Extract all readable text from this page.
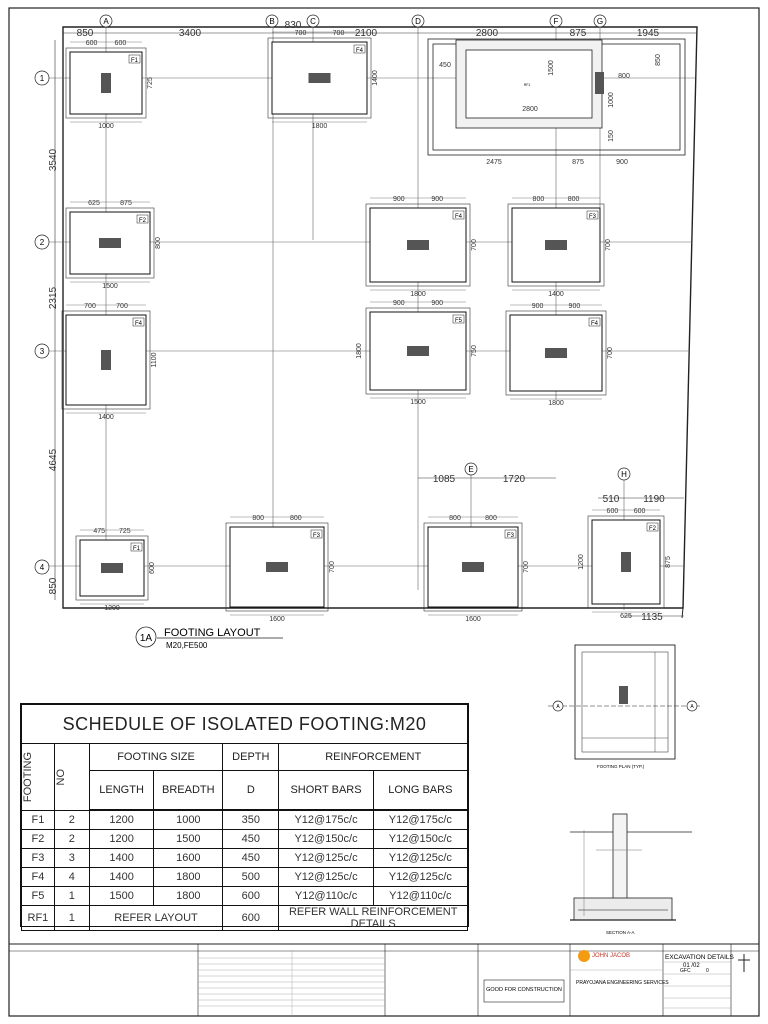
A	B	C	D
E
F	G
H
1
2
3
4
850	3400
830
2100	2800	875	1945
3540
2315
4645
850
1085	1720
510 1190
1135
RF1
450
800
2800
2475	875	900
1500
1000
150
850
F1
600 600
725
1000
F4
700	700
1400
1800
F2
625	875
800
1500
F4
900	900
700
1800
F3
800	800
700
1400
F4
700	700
1100
1400
F5
900	900
750
1500
1800
F4
900	900
700
1800
F1
475 725
600
1200
F3
800	800
700
1600
F3
800	800
700
1600
F2
600 600
875
625
1200
1A FOOTING LAYOUT
M20,FE500
A	A
FOOTING PLAN (TYP.)
SECTION A-A
GOOD FOR CONSTRUCTION
JOHN JACOB
PRAYOJANA ENGINEERING SERVICES
EXCAVATION DETAILS
01 /02
GFC	0
SCHEDULE OF ISOLATED FOOTING:M20						

FOOTING	NO	FOOTING SIZE		DEPTH	REINFORCEMENT	
		LENGTH	BREADTH	D	SHORT BARS	LONG BARS

F1	2	1200	1000	350	Y12@175c/c	Y12@175c/c
F2	2	1200	1500	450	Y12@150c/c	Y12@150c/c
F3	3	1400	1600	450	Y12@125c/c	Y12@125c/c
F4	4	1400	1800	500	Y12@125c/c	Y12@125c/c
F5	1	1500	1800	600	Y12@110c/c	Y12@110c/c
RF1	1	REFER LAYOUT		600	REFER WALL REINFORCEMENT DETAILS	
